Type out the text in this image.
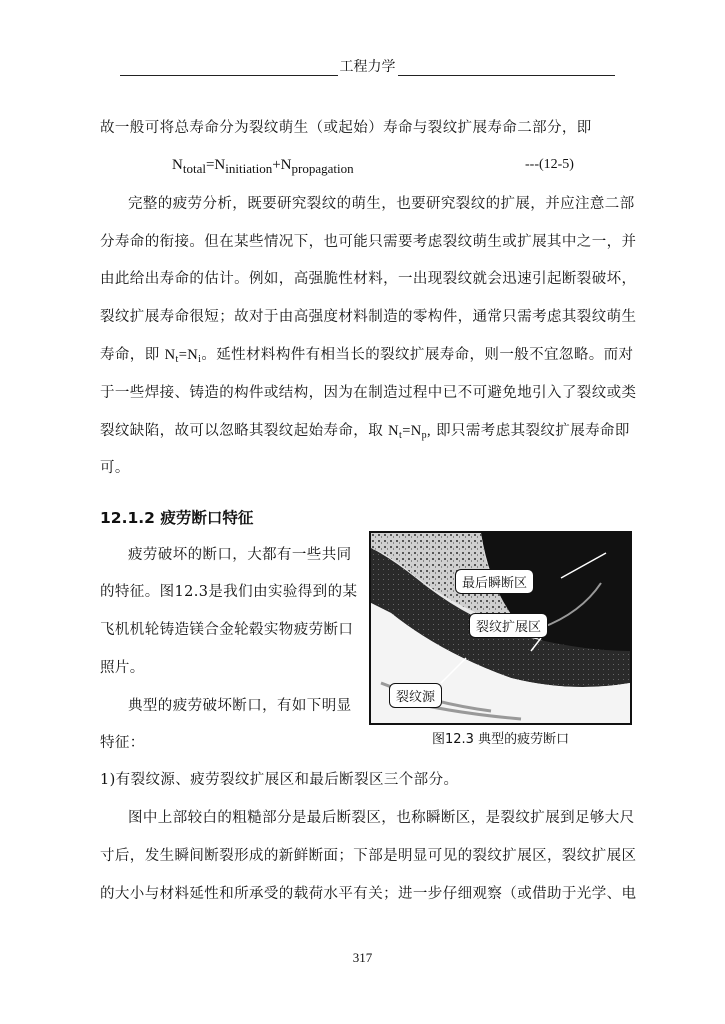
工程力学
故一般可将总寿命分为裂纹萌生（或起始）寿命与裂纹扩展寿命二部分，即
$N_{total}=N_{initiation}+N_{propagation}$	---(12-5)
完整的疲劳分析，既要研究裂纹的萌生，也要研究裂纹的扩展，并应注意二部
分寿命的衔接。但在某些情况下，也可能只需要考虑裂纹萌生或扩展其中之一，并
由此给出寿命的估计。例如，高强脆性材料，一出现裂纹就会迅速引起断裂破坏，
裂纹扩展寿命很短；故对于由高强度材料制造的零构件，通常只需考虑其裂纹萌生
寿命，即 $N_t=N_i$。延性材料构件有相当长的裂纹扩展寿命，则一般不宜忽略。而对
于一些焊接、铸造的构件或结构，因为在制造过程中已不可避免地引入了裂纹或类
裂纹缺陷，故可以忽略其裂纹起始寿命，取 $N_t=N_p$, 即只需考虑其裂纹扩展寿命即
可。
12.1.2 疲劳断口特征
疲劳破坏的断口，大都有一些共同
的特征。图12.3是我们由实验得到的某
飞机机轮铸造镁合金轮毂实物疲劳断口
照片。
典型的疲劳破坏断口，有如下明显
特征：
最后瞬断区
裂纹扩展区
裂纹源
图12.3 典型的疲劳断口
1)有裂纹源、疲劳裂纹扩展区和最后断裂区三个部分。
图中上部较白的粗糙部分是最后断裂区，也称瞬断区，是裂纹扩展到足够大尺
寸后，发生瞬间断裂形成的新鲜断面；下部是明显可见的裂纹扩展区，裂纹扩展区
的大小与材料延性和所承受的载荷水平有关；进一步仔细观察（或借助于光学、电
317
